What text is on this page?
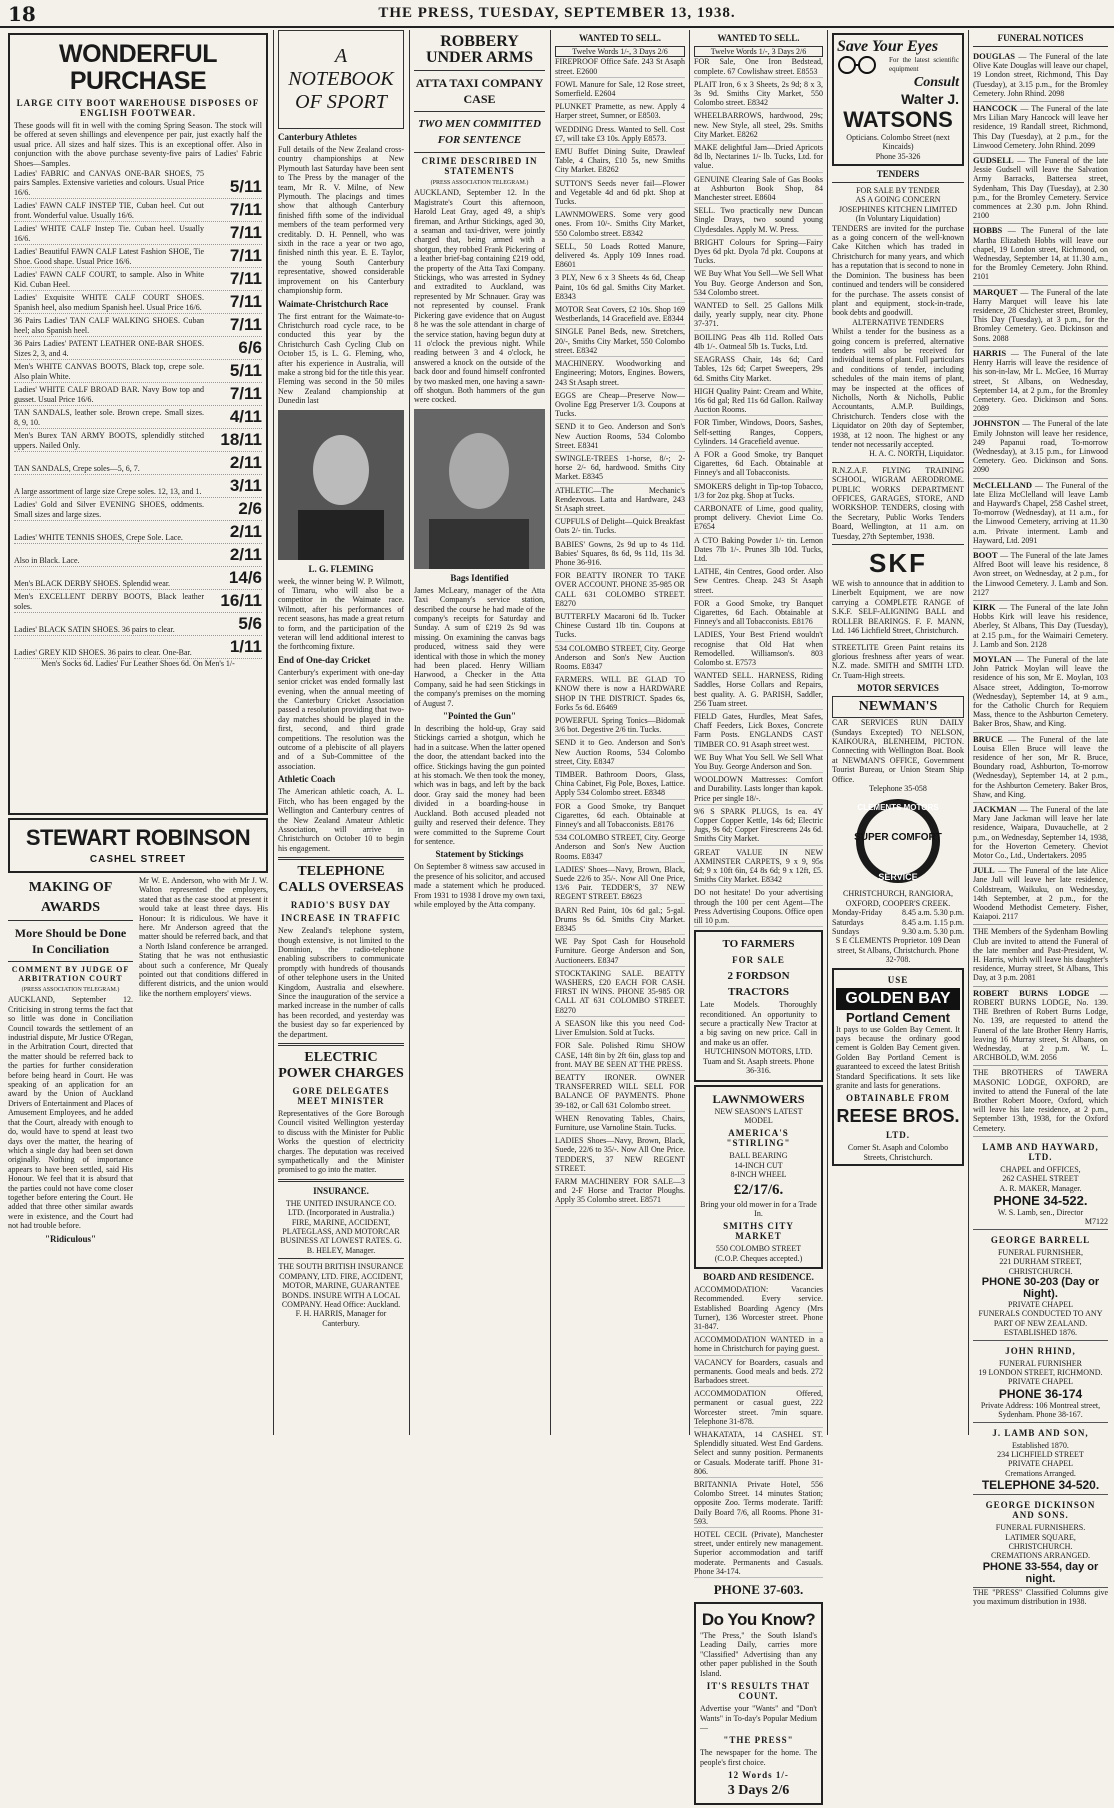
18	THE PRESS, TUESDAY, SEPTEMBER 13, 1938.
WONDERFUL PURCHASE
LARGE CITY BOOT WAREHOUSE DISPOSES OF ENGLISH FOOTWEAR.
These goods will fit in well with the coming Spring Season. The stock will be offered at seven shillings and elevenpence per pair, just exactly half the usual price. All sizes and half sizes. This is an exceptional offer. Also in conjunction with the above purchase seventy-five pairs of Ladies' Fabric Shoes—Samples.
Ladies' FABRIC and CANVAS ONE-BAR SHOES, 75 pairs Samples. Extensive varieties and colours. Usual Price 16/6.	5/11
Ladies' FAWN CALF INSTEP TIE, Cuban heel. Cut out front. Wonderful value. Usually 16/6.	7/11
Ladies' WHITE CALF Instep Tie. Cuban heel. Usually 16/6.	7/11
Ladies' Beautiful FAWN CALF Latest Fashion SHOE, Tie Shoe. Good shape. Usual Price 16/6.	7/11
Ladies' FAWN CALF COURT, to sample. Also in White Kid. Cuban Heel.	7/11
Ladies' Exquisite WHITE CALF COURT SHOES. Spanish heel, also medium Spanish heel. Usual Price 16/6. 7/11
36 Pairs Ladies' TAN CALF WALKING SHOES. Cuban heel; also Spanish heel.	7/11
36 Pairs Ladies' PATENT LEATHER ONE-BAR SHOES. Sizes 2, 3, and 4.	6/6
Men's WHITE CANVAS BOOTS, Black top, crepe sole. Also plain White.	5/11
Ladies' WHITE CALF BROAD BAR. Navy Bow top and gusset. Usual Price 16/6.	7/11
TAN SANDALS, leather sole. Brown crepe. Small sizes. 8, 9, 10.	4/11
Men's Burex TAN ARMY BOOTS, splendidly stitched uppers. Nailed Only.	18/11
TAN SANDALS, Crepe soles—5, 6, 7.	2/11
A large assortment of large size Crepe soles. 12, 13, and 1. 3/11
Ladies' Gold and Silver EVENING SHOES, oddments. Small sizes and large sizes.	2/6
Ladies' WHITE TENNIS SHOES, Crepe Sole. Lace.	2/11
Also in Black. Lace.	2/11
Men's BLACK DERBY SHOES. Splendid wear.	14/6
Men's EXCELLENT DERBY BOOTS, Black leather soles.	16/11
Ladies' BLACK SATIN SHOES. 36 pairs to clear.	5/6
Ladies' GREY KID SHOES. 36 pairs to clear. One-Bar.	1/11
Men's Socks 6d. Ladies' Fur Leather Shoes 6d. On Men's 1/-
STEWART ROBINSON
CASHEL STREET
MAKING OF
AWARDS
More Should be Done In Conciliation
COMMENT BY JUDGE OF ARBITRATION COURT
(PRESS ASSOCIATION TELEGRAM.)
AUCKLAND, September 12. Criticising in strong terms the fact that so little was done in Conciliation Council towards the settlement of an industrial dispute, Mr Justice O'Regan, in the Arbitration Court, directed that the matter should be referred back to the parties for further consideration before being heard in Court. He was speaking of an application for an award by the Union of Auckland Drivers of Entertainment and Places of Amusement Employees, and he added that the Court, already with enough to do, would have to spend at least two days over the matter, the hearing of which a single day had been set down originally. Nothing of importance appears to have been settled, said His Honour. We feel that it is absurd that the parties could not have come closer together before entering the Court. He added that three other similar awards were in existence, and the Court had not had trouble before.
"Ridiculous"
Mr W. E. Anderson, who with Mr J. W. Walton represented the employers, stated that as the case stood at present it would take at least three days. His Honour: It is ridiculous. We have it here. Mr Anderson agreed that the matter should be referred back, and that a North Island conference be arranged. Stating that he was not enthusiastic about such a conference, Mr Quealy pointed out that conditions differed in different districts, and the union would like the northern employers' views.
A NOTEBOOK OF SPORT
Canterbury Athletes
Full details of the New Zealand cross-country championships at New Plymouth last Saturday have been sent to The Press by the manager of the team, Mr R. V. Milne, of New Plymouth. The placings and times show that although Canterbury finished fifth some of the individual members of the team performed very creditably. D. H. Pennell, who was sixth in the race a year or two ago, finished ninth this year. E. E. Taylor, the young South Canterbury representative, showed considerable improvement on his Canterbury championship form.
Waimate-Christchurch Race
The first entrant for the Waimate-to-Christchurch road cycle race, to be conducted this year by the Christchurch Cash Cycling Club on October 15, is L. G. Fleming, who, after his experience in Australia, will make a strong bid for the title this year. Fleming was second in the 50 miles New Zealand championship at Dunedin last
L. G. FLEMING
week, the winner being W. P. Wilmott, of Timaru, who will also be a competitor in the Waimate race. Wilmott, after his performances of recent seasons, has made a great return to form, and the participation of the veteran will lend additional interest to the forthcoming fixture.
End of One-day Cricket
Canterbury's experiment with one-day senior cricket was ended formally last evening, when the annual meeting of the Canterbury Cricket Association passed a resolution providing that two-day matches should be played in the first, second, and third grade competitions. The resolution was the outcome of a plebiscite of all players and of a Sub-Committee of the association.
Athletic Coach
The American athletic coach, A. L. Fitch, who has been engaged by the Wellington and Canterbury centres of the New Zealand Amateur Athletic Association, will arrive in Christchurch on October 10 to begin his engagement.
TELEPHONE CALLS OVERSEAS
RADIO'S BUSY DAY
INCREASE IN TRAFFIC
New Zealand's telephone system, though extensive, is not limited to the Dominion, the radio-telephone enabling subscribers to communicate promptly with hundreds of thousands of other telephone users in the United Kingdom, Australia and elsewhere. Since the inauguration of the service a marked increase in the number of calls has been recorded, and yesterday was the busiest day so far experienced by the department.
ELECTRIC POWER CHARGES
GORE DELEGATES MEET MINISTER
Representatives of the Gore Borough Council visited Wellington yesterday to discuss with the Minister for Public Works the question of electricity charges. The deputation was received sympathetically and the Minister promised to go into the matter.
INSURANCE.
THE UNITED INSURANCE CO. LTD. (Incorporated in Australia.) FIRE, MARINE, ACCIDENT, PLATEGLASS, AND MOTORCAR BUSINESS AT LOWEST RATES. G. B. HELEY, Manager.
THE SOUTH BRITISH INSURANCE COMPANY, LTD. FIRE, ACCIDENT, MOTOR, MARINE, GUARANTEE BONDS. INSURE WITH A LOCAL COMPANY. Head Office: Auckland. F. H. HARRIS, Manager for Canterbury.
ROBBERY UNDER ARMS
ATTA TAXI COMPANY CASE
TWO MEN COMMITTED FOR SENTENCE
CRIME DESCRIBED IN STATEMENTS
(PRESS ASSOCIATION TELEGRAM.)
AUCKLAND, September 12. In the Magistrate's Court this afternoon, Harold Leat Gray, aged 49, a ship's fireman, and Arthur Stickings, aged 30, a seaman and taxi-driver, were jointly charged that, being armed with a shotgun, they robbed Frank Pickering of a leather brief-bag containing £219 odd, the property of the Atta Taxi Company. Stickings, who was arrested in Sydney and extradited to Auckland, was represented by Mr Schnauer. Gray was not represented by counsel. Frank Pickering gave evidence that on August 8 he was the sole attendant in charge of the service station, having begun duty at 11 o'clock the previous night. While reading between 3 and 4 o'clock, he answered a knock on the outside of the back door and found himself confronted by two masked men, one having a sawn-off shotgun. Both hammers of the gun were cocked.
Bags Identified
James McLeary, manager of the Atta Taxi Company's service station, described the course he had made of the company's receipts for Saturday and Sunday. A sum of £219 2s 9d was missing. On examining the canvas bags produced, witness said they were identical with those in which the money had been placed. Henry William Harwood, a Checker in the Atta Company, said he had seen Stickings in the company's premises on the morning of August 7.
"Pointed the Gun"
In describing the hold-up, Gray said Stickings carried a shotgun, which he had in a suitcase. When the latter opened the door, the attendant backed into the office. Stickings having the gun pointed at his stomach. We then took the money, which was in bags, and left by the back door. Gray said the money had been divided in a boarding-house in Auckland. Both accused pleaded not guilty and reserved their defence. They were committed to the Supreme Court for sentence.
Statement by Stickings
On September 8 witness saw accused in the presence of his solicitor, and accused made a statement which he produced. From 1931 to 1938 I drove my own taxi, while employed by the Atta company.
WANTED TO SELL.
Twelve Words 1/-, 3 Days 2/6

FIREPROOF Office Safe. 243 St Asaph street. E2600

FOWL Manure for Sale, 12 Rose street, Somerfield. E2604

PLUNKET Pramette, as new. Apply 4 Harper street, Sumner, or E8503.

WEDDING Dress. Wanted to Sell. Cost £7, will take £3 10s. Apply E8573.

EMU Buffet Dining Suite, Drawleaf Table, 4 Chairs, £10 5s, new Smiths City Market. E8262

SUTTON'S Seeds never fail—Flower and Vegetable 4d and 6d pkt. Shop at Tucks.

LAWNMOWERS. Some very good ones. From 10/-. Smiths City Market, 550 Colombo street. E8342

SELL, 50 Loads Rotted Manure, delivered 4s. Apply 109 Innes road. E8601

3 PLY, New 6 x 3 Sheets 4s 6d, Cheap Paint, 10s 6d gal. Smiths City Market. E8343

MOTOR Seat Covers, £2 10s. Shop 169 Westberlands, 14 Gracefield ave. E8344

SINGLE Panel Beds, new. Stretchers, 20/-, Smiths City Market, 550 Colombo street. E8342

MACHINERY. Woodworking and Engineering; Motors, Engines. Bowers, 243 St Asaph street.

EGGS are Cheap—Preserve Now—Ovoline Egg Preserver 1/3. Coupons at Tucks.

SEND it to Geo. Anderson and Son's New Auction Rooms, 534 Colombo Street. E8341

SWINGLE-TREES 1-horse, 8/-; 2-horse 2/- 6d, hardwood. Smiths City Market. E8345

ATHLETIC—The Mechanic's Rendezvous. Latta and Hardware, 243 St Asaph street.

CUPFULS of Delight—Quick Breakfast Oats 2/- tin. Tucks.

BABIES' Gowns, 2s 9d up to 4s 11d. Babies' Squares, 8s 6d, 9s 11d, 11s 3d. Phone 36-916.

FOR BEATTY IRONER TO TAKE OVER ACCOUNT. PHONE 35-985 OR CALL 631 COLOMBO STREET. E8270

BUTTERFLY Macaroni 6d lb. Tucker Chinese Custard 1lb tin. Coupons at Tucks.

534 COLOMBO STREET, City. George Anderson and Son's New Auction Rooms. E8347

FARMERS. WILL BE GLAD TO KNOW there is now a HARDWARE SHOP IN THE DISTRICT. Spades 6s, Forks 5s 6d. E6469

POWERFUL Spring Tonics—Bidomak 3/6 bot. Degestive 2/6 tin. Tucks.

SEND it to Geo. Anderson and Son's New Auction Rooms, 534 Colombo street, City. E8347

TIMBER. Bathroom Doors, Glass, China Cabinet, Fig Pole, Boxes, Lattice. Apply 534 Colombo street. E8348

FOR a Good Smoke, try Banquet Cigarettes, 6d each. Obtainable at Finney's and all Tobacconists. E8176

534 COLOMBO STREET, City. George Anderson and Son's New Auction Rooms. E8347

LADIES' Shoes—Navy, Brown, Black, Suede 22/6 to 35/-. Now All One Price, 13/6 Pair. TEDDER'S, 37 NEW REGENT STREET. E8623

BARN Red Paint, 10s 6d gal.; 5-gal. Drums 9s 6d. Smiths City Market. E8345

WE Pay Spot Cash for Household Furniture. George Anderson and Son, Auctioneers. E8347

STOCKTAKING SALE. BEATTY WASHERS, £20 EACH FOR CASH. FIRST IN WINS. PHONE 35-985 OR CALL AT 631 COLOMBO STREET. E8270

A SEASON like this you need Cod-Liver Emulsion. Sold at Tucks.

FOR Sale. Polished Rimu SHOW CASE, 14ft 8in by 2ft 6in, glass top and front. MAY BE SEEN AT THE PRESS.

BEATTY IRONER. OWNER TRANSFERRED WILL SELL FOR BALANCE OF PAYMENTS. Phone 39-182, or Call 631 Colombo street.

WHEN Renovating Tables, Chairs, Furniture, use Varnoline Stain. Tucks.

LADIES Shoes—Navy, Brown, Black, Suede, 22/6 to 35/-. Now All One Price. TEDDER'S, 37 NEW REGENT STREET.

FARM MACHINERY FOR SALE—3 and 2-F Horse and Tractor Ploughs. Apply 35 Colombo street. E8571

WANTED TO SELL.
Twelve Words 1/-, 3 Days 2/6

FOR Sale, One Iron Bedstead, complete. 67 Cowlishaw street. E8553

PLAIT Iron, 6 x 3 Sheets, 2s 9d; 8 x 3, 3s 9d. Smiths City Market, 550 Colombo street. E8342

WHEELBARROWS, hardwood, 29s; new. New Style, all steel, 29s. Smiths City Market. E8262

MAKE delightful Jam—Dried Apricots 8d lb, Nectarines 1/- lb. Tucks, Ltd. for value.

GENUINE Clearing Sale of Gas Books at Ashburton Book Shop, 84 Manchester street. E8604

SELL. Two practically new Duncan Single Drays, two sound young Clydesdales. Apply M. W. Press.

BRIGHT Colours for Spring—Fairy Dyes 6d pkt. Dyola 7d pkt. Coupons at Tucks.

WE Buy What You Sell—We Sell What You Buy. George Anderson and Son, 534 Colombo street.

WANTED to Sell. 25 Gallons Milk daily, yearly supply, near city. Phone 37-371.

BOILING Peas 4lb 11d. Rolled Oats 4lb 1/-. Oatmeal 5lb 1s. Tucks, Ltd.

SEAGRASS Chair, 14s 6d; Card Tables, 12s 6d; Carpet Sweepers, 29s 6d. Smiths City Market.

HIGH Quality Paint: Cream and White, 16s 6d gal; Red 11s 6d Gallon. Railway Auction Rooms.

FOR Timber, Windows, Doors, Sashes, Self-setting Ranges, Coppers, Cylinders. 14 Gracefield avenue.

A FOR a Good Smoke, try Banquet Cigarettes, 6d Each. Obtainable at Finney's and all Tobacconists.

SMOKERS delight in Tip-top Tobacco, 1/3 for 2oz pkg. Shop at Tucks.

CARBONATE of Lime, good quality, prompt delivery. Cheviot Lime Co. E7654

A CTO Baking Powder 1/- tin. Lemon Dates 7lb 1/-. Prunes 3lb 10d. Tucks, Ltd.

LATHE, 4in Centres, Good order. Also Sew Centres. Cheap. 243 St Asaph street.

FOR a Good Smoke, try Banquet Cigarettes, 6d Each. Obtainable at Finney's and all Tobacconists. E8176

LADIES, Your Best Friend wouldn't recognise that Old Hat when Remodelled. Williamson's. 803 Colombo st. E7573

WANTED SELL. HARNESS, Riding Saddles, Horse Collars and Repairs, best quality. A. G. PARISH, Saddler, 256 Tuam street.

FIELD Gates, Hurdles, Meat Safes, Chaff Feeders, Lick Boxes, Concrete Farm Posts. ENGLANDS CAST TIMBER CO. 91 Asaph street west.

WE Buy What You Sell. We Sell What You Buy. George Anderson and Son.

WOOLDOWN Mattresses: Comfort and Durability. Lasts longer than kapok. Price per single 18/-.

9/6 S SPARK PLUGS, 1s ea. 4Y Copper Copper Kettle, 14s 6d; Electric Jugs, 9s 6d; Copper Firescreens 24s 6d. Smiths City Market.

GREAT VALUE IN NEW AXMINSTER CARPETS, 9 x 9, 95s 6d; 9 x 10ft 6in, £4 8s 6d; 9 x 12ft, £5. Smiths City Market. E8342

DO not hesitate! Do your advertising through the 100 per cent Agent—The Press Advertising Coupons. Office open till 10 p.m.

TO FARMERS
FOR SALE
2 FORDSON TRACTORS
Late Models. Thoroughly reconditioned. An opportunity to secure a practically New Tractor at a big saving on new price. Call in and make us an offer.
HUTCHINSON MOTORS, LTD. Tuam and St. Asaph streets. Phone 36-316.
LAWNMOWERS
NEW SEASON'S LATEST MODEL
AMERICA'S "STIRLING"
BALL BEARING
14-INCH CUT
8-INCH WHEEL
£2/17/6.
Bring your old mower in for a Trade In.
SMITHS CITY MARKET
550 COLOMBO STREET
(C.O.P. Cheques accepted.)
BOARD AND RESIDENCE.

ACCOMMODATION: Vacancies Recommended. Every service. Established Boarding Agency (Mrs Turner), 136 Worcester street. Phone 31-847.

ACCOMMODATION WANTED in a home in Christchurch for paying guest.

VACANCY for Boarders, casuals and permanents. Good meals and beds. 272 Barbadoes street.

ACCOMMODATION Offered, permanent or casual guest, 222 Worcester street. 7min square. Telephone 31-878.

WHAKATATA, 14 CASHEL ST. Splendidly situated. West End Gardens. Select and sunny position. Permanents or Casuals. Moderate tariff. Phone 31-806.

BRITANNIA Private Hotel, 556 Colombo Street. 14 minutes Station; opposite Zoo. Terms moderate. Tariff: Daily Board 7/6, all Rooms. Phone 31-593.

HOTEL CECIL (Private), Manchester street, under entirely new management. Superior accommodation and tariff moderate. Permanents and Casuals. Phone 34-174.

PHONE 37-603.
Do You Know?
"The Press," the South Island's Leading Daily, carries more "Classified" Advertising than any other paper published in the South Island.
IT'S RESULTS THAT COUNT.
Advertise your "Wants" and "Don't Wants" in To-day's Popular Medium—
"THE PRESS"
The newspaper for the home. The people's first choice.
12 Words 1/-
3 Days 2/6
Save Your Eyes
For the latest scientific equipment
Consult
Walter J.
WATSONS
Opticians. Colombo Street (next Kincaids)
Phone 35-326
TENDERS
FOR SALE BY TENDER
AS A GOING CONCERN
JOSEPHINES KITCHEN LIMITED
(In Voluntary Liquidation)
TENDERS are invited for the purchase as a going concern of the well-known Cake Kitchen which has traded in Christchurch for many years, and which has a reputation that is second to none in the Dominion. The business has been continued and tenders will be considered for the purchase. The assets consist of plant and equipment, stock-in-trade, book debts and goodwill.
ALTERNATIVE TENDERS
Whilst a tender for the business as a going concern is preferred, alternative tenders will also be received for individual items of plant. Full particulars and conditions of tender, including schedules of the main items of plant, may be inspected at the offices of Nicholls, North & Nicholls, Public Accountants, A.M.P. Buildings, Christchurch. Tenders close with the Liquidator on 20th day of September, 1938, at 12 noon. The highest or any tender not necessarily accepted.
H. A. C. NORTH, Liquidator.
R.N.Z.A.F. FLYING TRAINING SCHOOL, WIGRAM AERODROME. PUBLIC WORKS DEPARTMENT OFFICES, GARAGES, STORE, AND WORKSHOP. TENDERS, closing with the Secretary, Public Works Tenders Board, Wellington, at 11 a.m. on Tuesday, 27th September, 1938.
SKF
WE wish to announce that in addition to Linerbelt Equipment, we are now carrying a COMPLETE RANGE of S.K.F. SELF-ALIGNING BALL and ROLLER BEARINGS. F. F. MANN, Ltd. 146 Lichfield Street, Christchurch.
STREETLITE Green Paint retains its glorious freshness after years of wear. N.Z. made. SMITH and SMITH LTD. Cr. Tuam-High streets.
MOTOR SERVICES
NEWMAN'S
CAR SERVICES RUN DAILY (Sundays Excepted) TO NELSON, KAIKOURA, BLENHEIM, PICTON. Connecting with Wellington Boat. Book at NEWMAN'S OFFICE, Government Tourist Bureau, or Union Steam Ship Office.
Telephone 35-058
CLEMENTS MOTORS
SUPER COMFORT
SERVICE
CHRISTCHURCH, RANGIORA, OXFORD, COOPER'S CREEK.
Monday-Friday 8.45 a.m. 5.30 p.m.
Saturdays	8.45 a.m. 1.15 p.m.
Sundays	9.30 a.m. 5.30 p.m.
S E CLEMENTS Proprietor. 109 Dean street, St Albans, Christchurch. Phone 32-708.
USE
GOLDEN BAY
Portland Cement
It pays to use Golden Bay Cement. It pays because the ordinary good cement is Golden Bay Cement given. Golden Bay Portland Cement is guaranteed to exceed the latest British Standard Specifications. It sets like granite and lasts for generations.
OBTAINABLE FROM
REESE BROS.
LTD.
Corner St. Asaph and Colombo Streets, Christchurch.
FUNERAL NOTICES
DOUGLAS — The Funeral of the late Olive Kate Douglas will leave our chapel, 19 London street, Richmond, This Day (Tuesday), at 3.15 p.m., for the Bromley Cemetery. John Rhind. 2098
HANCOCK — The Funeral of the late Mrs Lilian Mary Hancock will leave her residence, 19 Randall street, Richmond, This Day (Tuesday), at 2 p.m., for the Linwood Cemetery. John Rhind. 2099
GUDSELL — The Funeral of the late Jessie Gudsell will leave the Salvation Army Barracks, Battersea street, Sydenham, This Day (Tuesday), at 2.30 p.m., for the Bromley Cemetery. Service commences at 2.30 p.m. John Rhind. 2100
HOBBS — The Funeral of the late Martha Elizabeth Hobbs will leave our chapel, 19 London street, Richmond, on Wednesday, September 14, at 11.30 a.m., for the Bromley Cemetery. John Rhind. 2101
MARQUET — The Funeral of the late Harry Marquet will leave his late residence, 28 Chichester street, Bromley, This Day (Tuesday), at 3 p.m., for the Bromley Cemetery. Geo. Dickinson and Sons. 2088
HARRIS — The Funeral of the late Henry Harris will leave the residence of his son-in-law, Mr L. McGee, 16 Murray street, St Albans, on Wednesday, September 14, at 2 p.m., for the Bromley Cemetery. Geo. Dickinson and Sons. 2089
JOHNSTON — The Funeral of the late Emily Johnston will leave her residence, 249 Papanui road, To-morrow (Wednesday), at 3.15 p.m., for Linwood Cemetery. Geo. Dickinson and Sons. 2090
McCLELLAND — The Funeral of the late Eliza McClelland will leave Lamb and Hayward's Chapel, 258 Cashel street, To-morrow (Wednesday), at 11 a.m., for the Linwood Cemetery, arriving at 11.30 a.m. Private interment. Lamb and Hayward, Ltd. 2091
BOOT — The Funeral of the late James Alfred Boot will leave his residence, 8 Avon street, on Wednesday, at 2 p.m., for the Linwood Cemetery. J. Lamb and Son. 2127
KIRK — The Funeral of the late John Hobbs Kirk will leave his residence, Aberley, St Albans, This Day (Tuesday), at 2.15 p.m., for the Waimairi Cemetery. J. Lamb and Son. 2128
MOYLAN — The Funeral of the late John Patrick Moylan will leave the residence of his son, Mr E. Moylan, 103 Alsace street, Addington, To-morrow (Wednesday), September 14, at 9 a.m., for the Catholic Church for Requiem Mass, thence to the Ashburton Cemetery. Baker Bros, Shaw, and King.
BRUCE — The Funeral of the late Louisa Ellen Bruce will leave the residence of her son, Mr R. Bruce, Boundary road, Ashburton, To-morrow (Wednesday), September 14, at 2 p.m., for the Ashburton Cemetery. Baker Bros, Shaw, and King.
JACKMAN — The Funeral of the late Mary Jane Jackman will leave her late residence, Waipara, Duvauchelle, at 2 p.m., on Wednesday, September 14, 1938, for the Hoverton Cemetery. Cheviot Motor Co., Ltd., Undertakers. 2095
JULL — The Funeral of the late Alice Jane Jull will leave her late residence, Coldstream, Waikuku, on Wednesday, 14th September, at 2 p.m., for the Woodend Methodist Cemetery. Fisher, Kaiapoi. 2117
THE Members of the Sydenham Bowling Club are invited to attend the Funeral of the late member and Past-President, W. H. Harris, which will leave his daughter's residence, Murray street, St Albans, This Day, at 3 p.m. 2081
ROBERT BURNS LODGE — ROBERT BURNS LODGE, No. 139. THE Brethren of Robert Burns Lodge, No. 139, are requested to attend the Funeral of the late Brother Henry Harris, leaving 16 Murray street, St Albans, on Wednesday, at 2 p.m. W. L. ARCHBOLD, W.M. 2056
THE BROTHERS of TAWERA MASONIC LODGE, OXFORD, are invited to attend the Funeral of the late Brother Robert Moore, Oxford, which will leave his late residence, at 2 p.m., September 13th, 1938, for the Oxford Cemetery.
LAMB AND HAYWARD, LTD.
CHAPEL and OFFICES,
262 CASHEL STREET
A. R. MAKER, Manager.
PHONE 34-522.
W. S. Lamb, sen., Director
M7122
GEORGE BARRELL
FUNERAL FURNISHER,
221 DURHAM STREET, CHRISTCHURCH.
PHONE 30-203 (Day or Night).
PRIVATE CHAPEL
FUNERALS CONDUCTED TO ANY PART OF NEW ZEALAND. ESTABLISHED 1876.
JOHN RHIND,
FUNERAL FURNISHER
19 LONDON STREET, RICHMOND.
PRIVATE CHAPEL
PHONE 36-174
Private Address: 106 Montreal street, Sydenham. Phone 38-167.
J. LAMB AND SON,
Established 1870.
234 LICHFIELD STREET
PRIVATE CHAPEL
Cremations Arranged.
TELEPHONE 34-520.
GEORGE DICKINSON AND SONS.
FUNERAL FURNISHERS.
LATIMER SQUARE, CHRISTCHURCH.
CREMATIONS ARRANGED.
PHONE 33-554, day or night.
THE "PRESS" Classified Columns give you maximum distribution in 1938.
